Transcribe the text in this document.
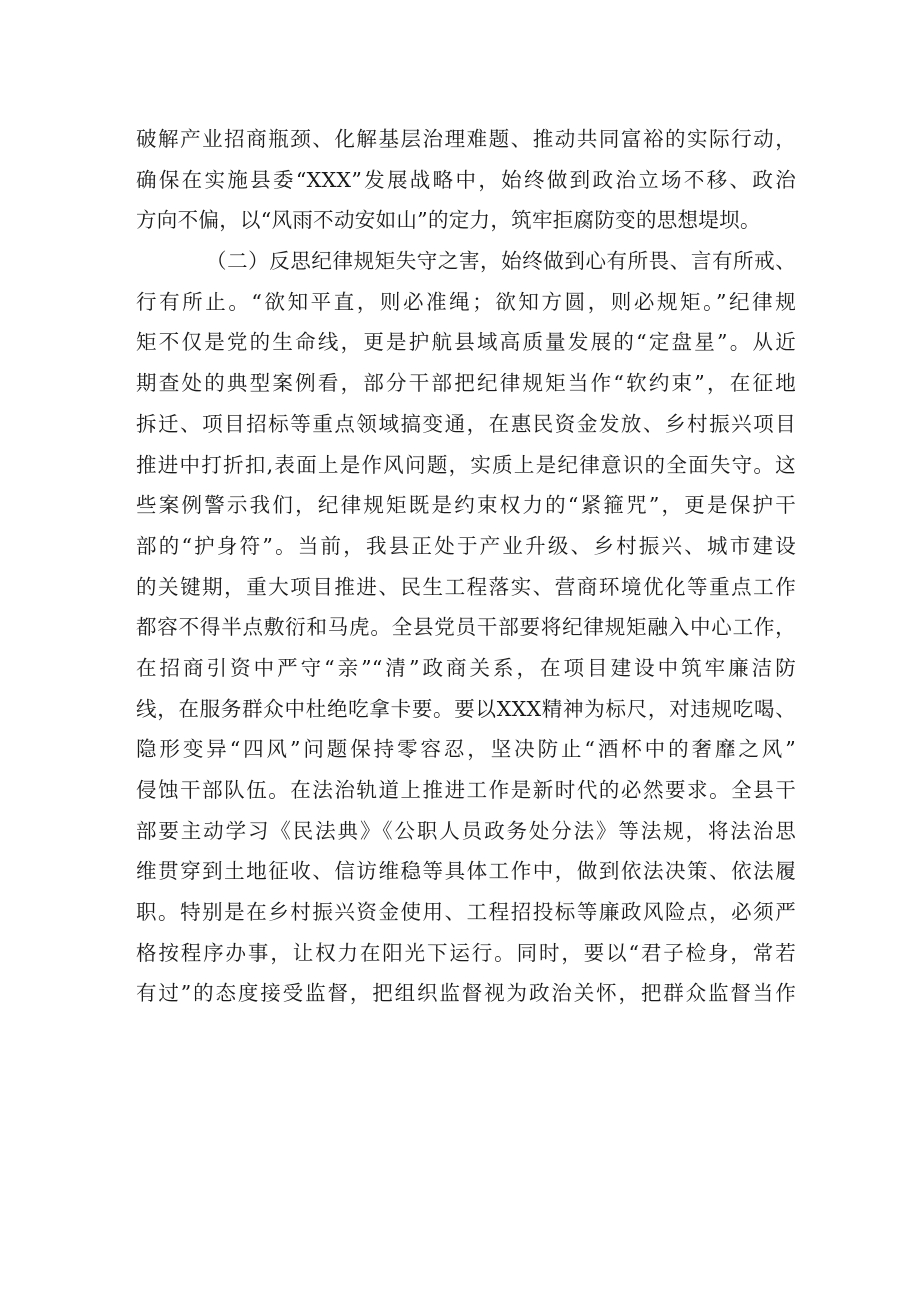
破解产业招商瓶颈、化解基层治理难题、推动共同富裕的实际行动，
确保在实施县委“XXX”发展战略中，始终做到政治立场不移、政治
方向不偏，以“风雨不动安如山”的定力，筑牢拒腐防变的思想堤坝。
（二）反思纪律规矩失守之害，始终做到心有所畏、言有所戒、
行有所止。“欲知平直，则必准绳；欲知方圆，则必规矩。”纪律规
矩不仅是党的生命线，更是护航县域高质量发展的“定盘星”。从近
期查处的典型案例看，部分干部把纪律规矩当作“软约束”，在征地
拆迁、项目招标等重点领域搞变通，在惠民资金发放、乡村振兴项目
推进中打折扣,表面上是作风问题，实质上是纪律意识的全面失守。这
些案例警示我们，纪律规矩既是约束权力的“紧箍咒”，更是保护干
部的“护身符”。当前，我县正处于产业升级、乡村振兴、城市建设
的关键期，重大项目推进、民生工程落实、营商环境优化等重点工作
都容不得半点敷衍和马虎。全县党员干部要将纪律规矩融入中心工作，
在招商引资中严守“亲”“清”政商关系，在项目建设中筑牢廉洁防
线，在服务群众中杜绝吃拿卡要。要以XXX精神为标尺，对违规吃喝、
隐形变异“四风”问题保持零容忍，坚决防止“酒杯中的奢靡之风”
侵蚀干部队伍。在法治轨道上推进工作是新时代的必然要求。全县干
部要主动学习《民法典》《公职人员政务处分法》等法规，将法治思
维贯穿到土地征收、信访维稳等具体工作中，做到依法决策、依法履
职。特别是在乡村振兴资金使用、工程招投标等廉政风险点，必须严
格按程序办事，让权力在阳光下运行。同时，要以“君子检身，常若
有过”的态度接受监督，把组织监督视为政治关怀，把群众监督当作
